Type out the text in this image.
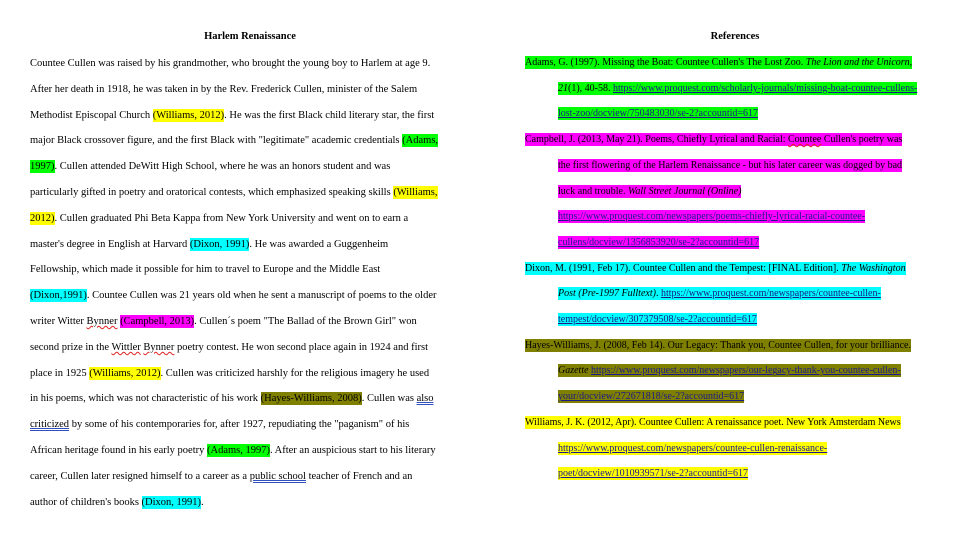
Harlem Renaissance
Countee Cullen was raised by his grandmother, who brought the young boy to Harlem at age 9.
After her death in 1918, he was taken in by the Rev. Frederick Cullen, minister of the Salem
Methodist Episcopal Church (Williams, 2012). He was the first Black child literary star, the first
major Black crossover figure, and the first Black with "legitimate" academic credentials (Adams,
1997). Cullen attended DeWitt High School, where he was an honors student and was
particularly gifted in poetry and oratorical contests, which emphasized speaking skills (Williams,
2012). Cullen graduated Phi Beta Kappa from New York University and went on to earn a
master's degree in English at Harvard (Dixon, 1991). He was awarded a Guggenheim
Fellowship, which made it possible for him to travel to Europe and the Middle East
(Dixon,1991). Countee Cullen was 21 years old when he sent a manuscript of poems to the older
writer Witter Bynner (Campbell, 2013). Cullen´s poem "The Ballad of the Brown Girl" won
second prize in the Wittler Bynner poetry contest. He won second place again in 1924 and first
place in 1925 (Williams, 2012). Cullen was criticized harshly for the religious imagery he used
in his poems, which was not characteristic of his work (Hayes-Williams, 2008). Cullen was also
criticized by some of his contemporaries for, after 1927, repudiating the "paganism" of his
African heritage found in his early poetry (Adams, 1997). After an auspicious start to his literary
career, Cullen later resigned himself to a career as a public school teacher of French and an
author of children's books (Dixon, 1991).
References
Adams, G. (1997). Missing the Boat: Countee Cullen's The Lost Zoo. The Lion and the Unicorn,
21(1), 40-58. https://www.proquest.com/scholarly-journals/missing-boat-countee-cullens-
lost-zoo/docview/750483030/se-2?accountid=617
Campbell, J. (2013, May 21). Poems, Chiefly Lyrical and Racial: Countee Cullen's poetry was
the first flowering of the Harlem Renaissance - but his later career was dogged by bad
luck and trouble. Wall Street Journal (Online)
https://www.proquest.com/newspapers/poems-chiefly-lyrical-racial-countee-
cullens/docview/1356853920/se-2?accountid=617
Dixon, M. (1991, Feb 17). Countee Cullen and the Tempest: [FINAL Edition]. The Washington
Post (Pre-1997 Fulltext). https://www.proquest.com/newspapers/countee-cullen-
tempest/docview/307379508/se-2?accountid=617
Hayes-Williams, J. (2008, Feb 14). Our Legacy: Thank you, Countee Cullen, for your brilliance.
Gazette https://www.proquest.com/newspapers/our-legacy-thank-you-countee-cullen-
your/docview/272671818/se-2?accountid=617
Williams, J. K. (2012, Apr). Countee Cullen: A renaissance poet. New York Amsterdam News
https://www.proquest.com/newspapers/countee-cullen-renaissance-
poet/docview/1010939571/se-2?accountid=617
